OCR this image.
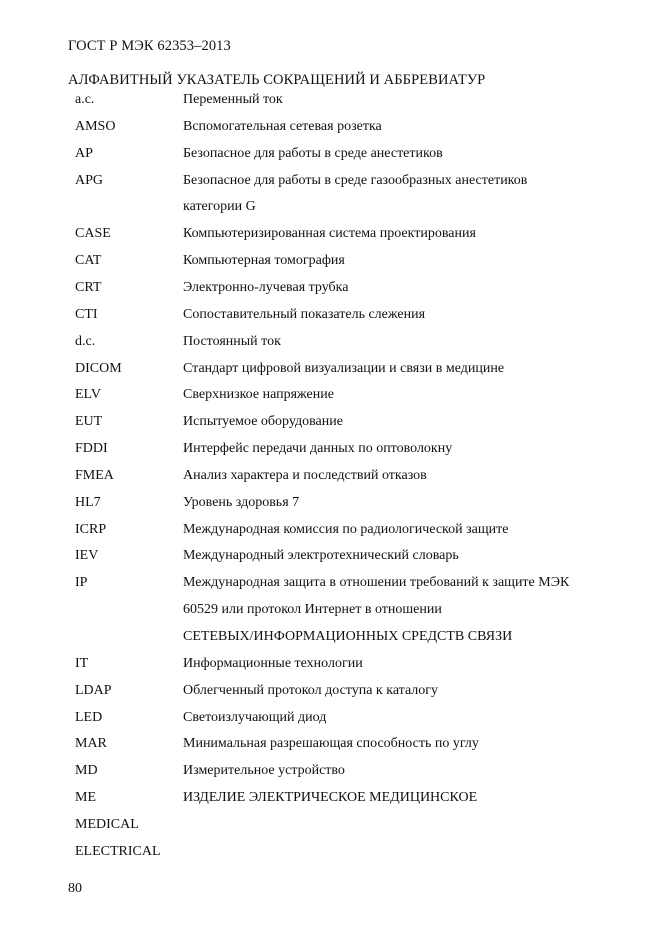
ГОСТ Р МЭК 62353–2013
АЛФАВИТНЫЙ УКАЗАТЕЛЬ СОКРАЩЕНИЙ И АББРЕВИАТУР
a.c.	Переменный ток
AMSO	Вспомогательная сетевая розетка
AP	Безопасное для работы в среде анестетиков
APG	Безопасное для работы в среде газообразных анестетиков
категории G
CASE	Компьютеризированная система проектирования
CAT	Компьютерная томография
CRT	Электронно-лучевая трубка
CTI	Сопоставительный показатель слежения
d.c.	Постоянный ток
DICOM	Стандарт цифровой визуализации и связи в медицине
ELV	Сверхнизкое напряжение
EUT	Испытуемое оборудование
FDDI	Интерфейс передачи данных по оптоволокну
FMEA	Анализ характера и последствий отказов
HL7	Уровень здоровья 7
ICRP	Международная комиссия по радиологической защите
IEV	Международный электротехнический словарь
IP	Международная защита в отношении требований к защите МЭК
60529 или протокол Интернет в отношении
СЕТЕВЫХ/ИНФОРМАЦИОННЫХ СРЕДСТВ СВЯЗИ
IT	Информационные технологии
LDAP	Облегченный протокол доступа к каталогу
LED	Светоизлучающий диод
MAR	Минимальная разрешающая способность по углу
MD	Измерительное устройство
ME	ИЗДЕЛИЕ ЭЛЕКТРИЧЕСКОЕ МЕДИЦИНСКОЕ
MEDICAL
ELECTRICAL
80
